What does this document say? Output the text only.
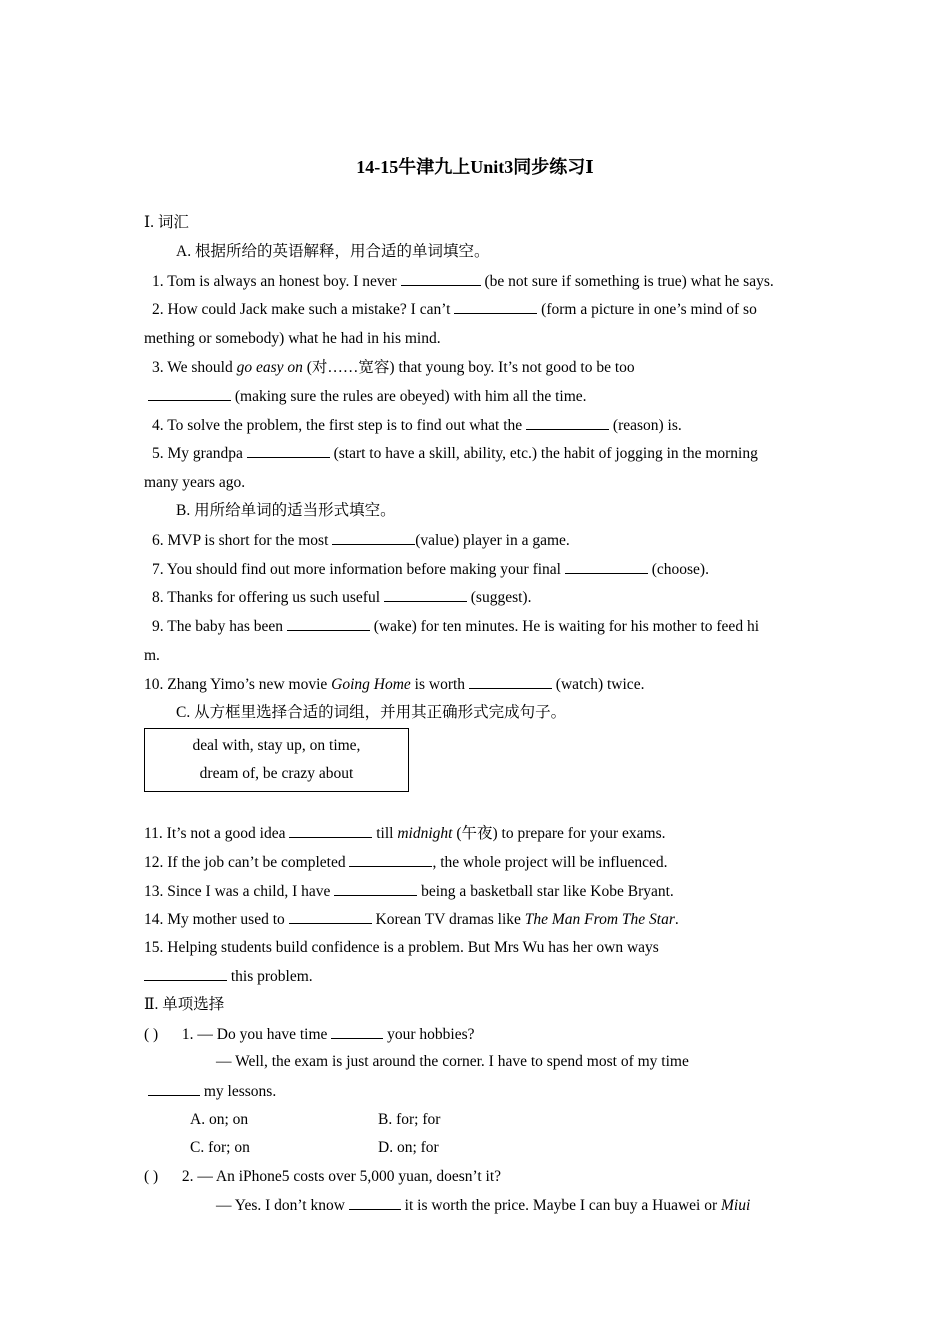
14-15牛津九上Unit3同步练习Ⅰ
Ⅰ. 词汇
A. 根据所给的英语解释，用合适的单词填空。
1. Tom is always an honest boy. I never	(be not sure if something is true) what he says.
2. How could Jack make such a mistake? I can’t	(form a picture in one’s mind of so
mething or somebody) what he had in his mind.
3. We should go easy on (对……宽容) that young boy. It’s not good to be too
(making sure the rules are obeyed) with him all the time.
4. To solve the problem, the first step is to find out what the	(reason) is.
5. My grandpa	(start to have a skill, ability, etc.) the habit of jogging in the morning
many years ago.
B. 用所给单词的适当形式填空。
6. MVP is short for the most	(value) player in a game.
7. You should find out more information before making your final	(choose).
8. Thanks for offering us such useful	(suggest).
9. The baby has been	(wake) for ten minutes. He is waiting for his mother to feed hi
m.
10. Zhang Yimo’s new movie Going Home is worth	(watch) twice.
C. 从方框里选择合适的词组，并用其正确形式完成句子。
deal with, stay up, on time,
dream of, be crazy about
11. It’s not a good idea	till midnight (午夜) to prepare for your exams.
12. If the job can’t be completed	, the whole project will be influenced.
13. Since I was a child, I have	being a basketball star like Kobe Bryant.
14. My mother used to	Korean TV dramas like The Man From The Star.
15. Helping students build confidence is a problem. But Mrs Wu has her own ways
this problem.
Ⅱ. 单项选择
( ) 1. — Do you have time	your hobbies?
— Well, the exam is just around the corner. I have to spend most of my time
my lessons.
A. on; on	B. for; for
C. for; on	D. on; for
( ) 2. — An iPhone5 costs over 5,000 yuan, doesn’t it?
— Yes. I don’t know	it is worth the price. Maybe I can buy a Huawei or Miui
